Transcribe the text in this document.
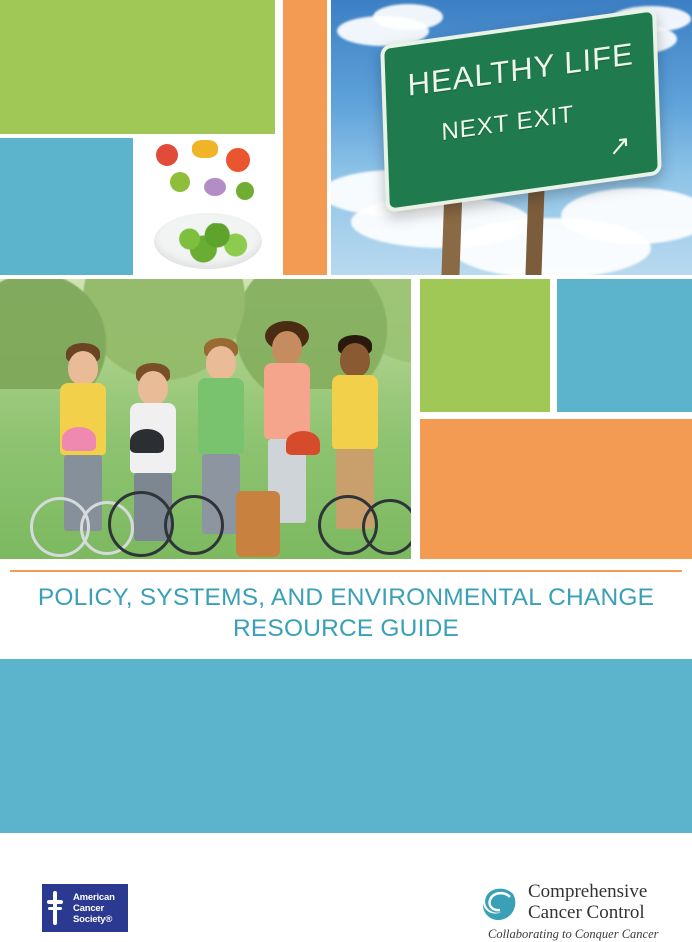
HEALTHY LIFE
NEXT EXIT ↗
POLICY, SYSTEMS, AND ENVIRONMENTAL CHANGE
RESOURCE GUIDE
American
Cancer
Society®
Comprehensive
Cancer Control
Collaborating to Conquer Cancer
